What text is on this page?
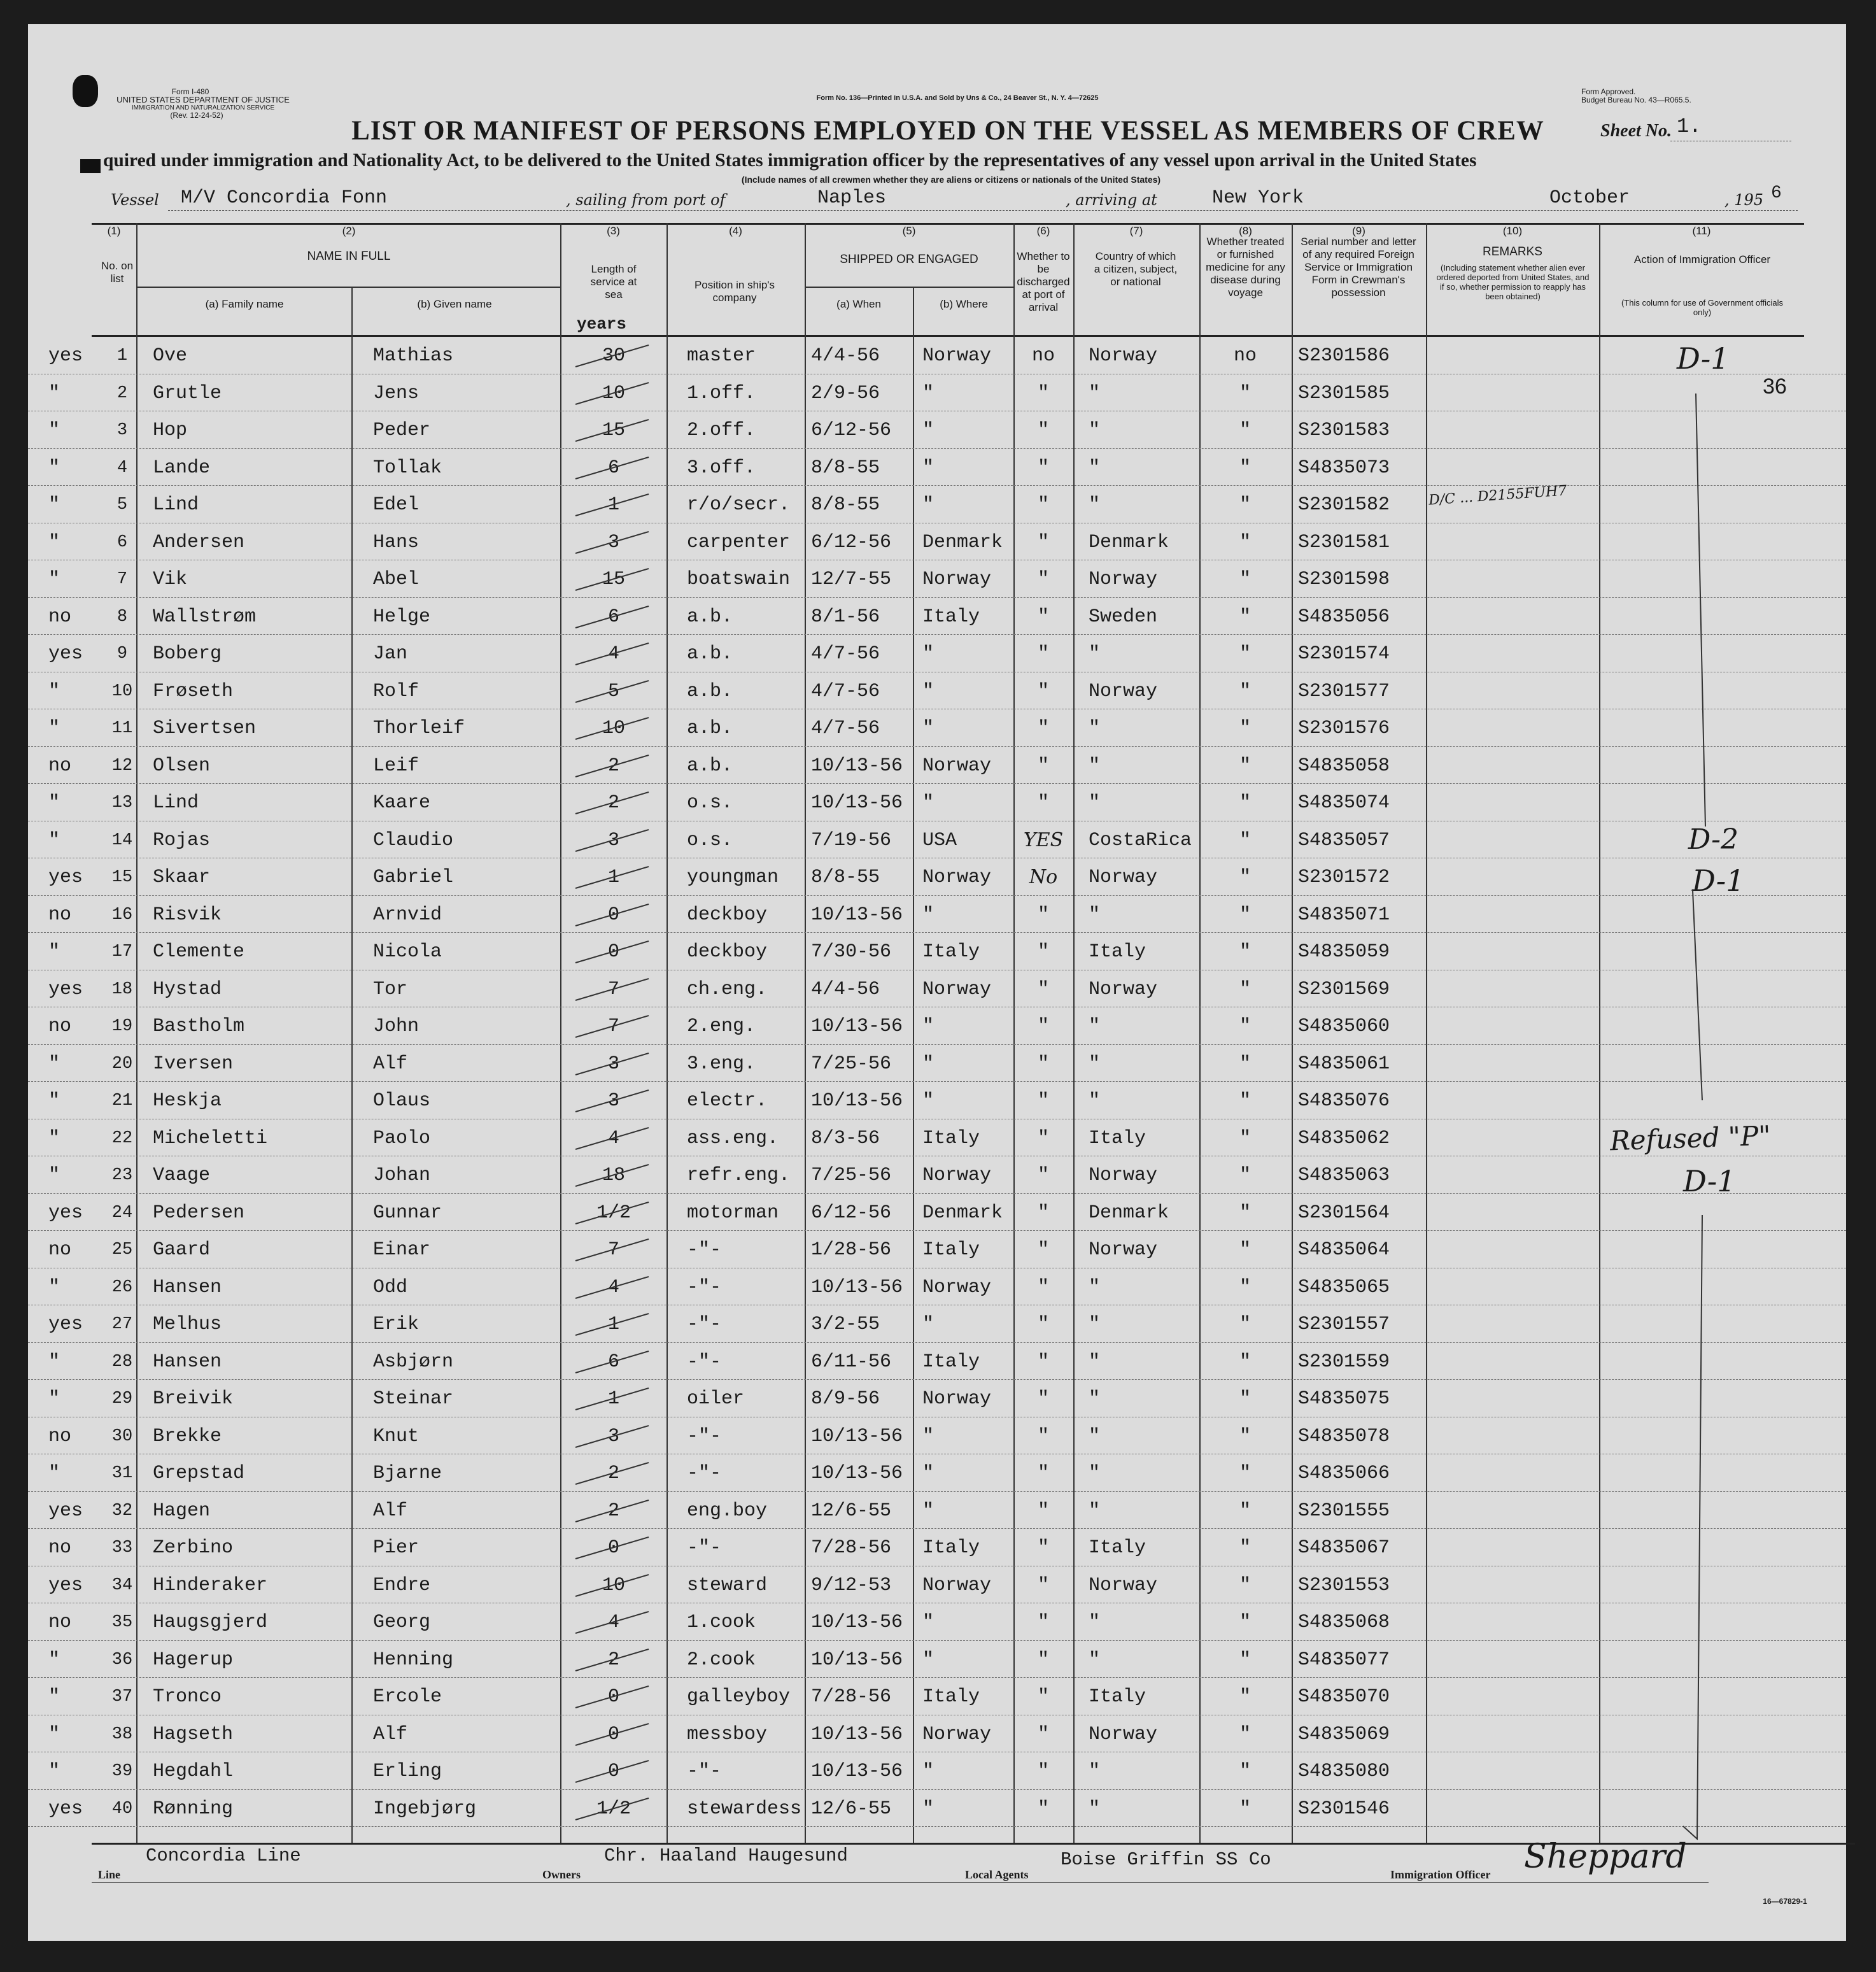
Form I-480
UNITED STATES DEPARTMENT OF JUSTICE
IMMIGRATION AND NATURALIZATION SERVICE
(Rev. 12-24-52)
Form No. 136—Printed in U.S.A. and Sold by Uns & Co., 24 Beaver St., N. Y. 4—72625
Form Approved.
Budget Bureau No. 43—R065.5.
LIST OR MANIFEST OF PERSONS EMPLOYED ON THE VESSEL AS MEMBERS OF CREW	Sheet No. 1.
quired under immigration and Nationality Act, to be delivered to the United States immigration officer by the representatives of any vessel upon arrival in the United States
(Include names of all crewmen whether they are aliens or citizens or nationals of the United States)
Vessel M/V Concordia Fonn	, sailing from port of	Naples	, arriving at	New York	October	, 195 6
(1)
No. on list
(2)
NAME IN FULL
(a) Family name	(b) Given name
(3)
Length of service at sea
years
(4)
Position in ship's company
(5)
SHIPPED OR ENGAGED
(a) When	(b) Where
(6)
Whether to be discharged at port of arrival
(7)
Country of which a citizen, subject, or national
(8)
Whether treated or furnished medicine for any disease during voyage
(9)
Serial number and letter of any required Foreign Service or Immigration Form in Crewman's possession
(10)
REMARKS
(Including statement whether alien ever ordered deported from United States, and if so, whether permission to reapply has been obtained)
(11)
Action of Immigration Officer
(This column for use of Government officials only)
yes	1	Ove	Mathias	30	master	4/4-56 Norway	no	Norway	no	S2301586
"	2	Grutle	Jens	10	1.off.	2/9-56 "	"	"	"	S2301585
"	3	Hop	Peder	15	2.off.	6/12-56 "	"	"	"	S2301583
"	4	Lande	Tollak	6	3.off.	8/8-55 "	"	"	"	S4835073
"	5	Lind	Edel	1	r/o/secr. 8/8-55 "	"	"	"	S2301582
"	6	Andersen	Hans	3	carpenter 6/12-56 Denmark	"	Denmark	"	S2301581
"	7	Vik	Abel	15	boatswain 12/7-55 Norway	"	Norway	"	S2301598
no	8	Wallstrøm	Helge	6	a.b.	8/1-56 Italy	"	Sweden	"	S4835056
yes	9	Boberg	Jan	4	a.b.	4/7-56 "	"	"	"	S2301574
"	10 Frøseth	Rolf	5	a.b.	4/7-56 "	"	Norway	"	S2301577
"	11 Sivertsen	Thorleif	10	a.b.	4/7-56 "	"	"	"	S2301576
no	12 Olsen	Leif	2	a.b.	10/13-56 Norway	"	"	"	S4835058
"	13 Lind	Kaare	2	o.s.	10/13-56 "	"	"	"	S4835074
"	14 Rojas	Claudio	3	o.s.	7/19-56 USA	YES CostaRica	"	S4835057
yes 15 Skaar	Gabriel	1	youngman 8/8-55 Norway	No	Norway	"	S2301572
no	16 Risvik	Arnvid	0	deckboy 10/13-56 "	"	"	"	S4835071
"	17 Clemente	Nicola	0	deckboy 7/30-56 Italy	"	Italy	"	S4835059
yes 18 Hystad	Tor	7	ch.eng. 4/4-56 Norway	"	Norway	"	S2301569
no	19 Bastholm	John	7	2.eng.	10/13-56 "	"	"	"	S4835060
"	20 Iversen	Alf	3	3.eng.	7/25-56 "	"	"	"	S4835061
"	21 Heskja	Olaus	3	electr. 10/13-56 "	"	"	"	S4835076
"	22 Micheletti	Paolo	4	ass.eng. 8/3-56 Italy	"	Italy	"	S4835062
"	23 Vaage	Johan	18	refr.eng. 7/25-56 Norway	"	Norway	"	S4835063
yes 24 Pedersen	Gunnar	1/2	motorman 6/12-56 Denmark	"	Denmark	"	S2301564
no	25 Gaard	Einar	7	-"-	1/28-56 Italy	"	Norway	"	S4835064
"	26 Hansen	Odd	4	-"-	10/13-56 Norway	"	"	"	S4835065
yes 27 Melhus	Erik	1	-"-	3/2-55 "	"	"	"	S2301557
"	28 Hansen	Asbjørn	6	-"-	6/11-56 Italy	"	"	"	S2301559
"	29 Breivik	Steinar	1	oiler	8/9-56 Norway	"	"	"	S4835075
no	30 Brekke	Knut	3	-"-	10/13-56 "	"	"	"	S4835078
"	31 Grepstad	Bjarne	2	-"-	10/13-56 "	"	"	"	S4835066
yes 32 Hagen	Alf	2	eng.boy 12/6-55 "	"	"	"	S2301555
no	33 Zerbino	Pier	0	-"-	7/28-56 Italy	"	Italy	"	S4835067
yes 34 Hinderaker	Endre	10	steward 9/12-53 Norway	"	Norway	"	S2301553
no	35 Haugsgjerd	Georg	4	1.cook	10/13-56 "	"	"	"	S4835068
"	36 Hagerup	Henning	2	2.cook	10/13-56 "	"	"	"	S4835077
"	37 Tronco	Ercole	0	galleyboy 7/28-56 Italy	"	Italy	"	S4835070
"	38 Hagseth	Alf	0	messboy 10/13-56 Norway	"	Norway	"	S4835069
"	39 Hegdahl	Erling	0	-"-	10/13-56 "	"	"	"	S4835080
yes 40 Rønning	Ingebjørg	1/2	stewardess 12/6-55 "	"	"	"	S2301546
D-1
36
D/C ... D2155FUH7
D-2
D-1
Refused "P"
D-1
Line
Concordia Line
Owners
Chr. Haaland Haugesund
Local Agents
Boise Griffin SS Co
Immigration Officer Sheppard
16—67829-1
